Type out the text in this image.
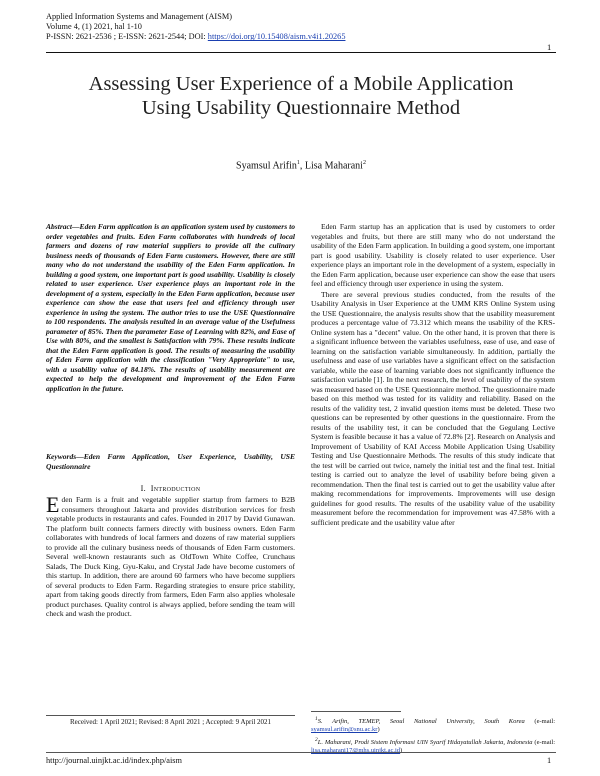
Applied Information Systems and Management (AISM)
Volume 4, (1) 2021, hal 1-10
P-ISSN: 2621-2536 ; E-ISSN: 2621-2544; DOI: https://doi.org/10.15408/aism.v4i1.20265
1
Assessing User Experience of a Mobile Application
Using Usability Questionnaire Method
Syamsul Arifin$^1$, Lisa Maharani$^2$
Abstract—Eden Farm application is an application system used by customers to order vegetables and fruits. Eden Farm collaborates with hundreds of local farmers and dozens of raw material suppliers to provide all the culinary business needs of thousands of Eden Farm customers. However, there are still many who do not understand the usability of the Eden Farm application. In building a good system, one important part is good usability. Usability is closely related to user experience. User experience plays an important role in the development of a system, especially in the Eden Farm application, because user experience can show the ease that users feel and efficiency through user experience in using the system. The author tries to use the USE Questionnaire to 100 respondents. The analysis resulted in an average value of the Usefulness parameter of 85%. Then the parameter Ease of Learning with 82%, and Ease of Use with 80%, and the smallest is Satisfaction with 79%. These results indicate that the Eden Farm application is good. The results of measuring the usability of Eden Farm application with the classification "Very Appropriate" to use, with a usability value of 84.18%. The results of usability measurement are expected to help the development and improvement of the Eden Farm application in the future.
Keywords—Eden Farm Application, User Experience, Usability, USE Questionnaire
I. Introduction
Eden Farm is a fruit and vegetable supplier startup from farmers to B2B consumers throughout Jakarta and provides distribution services for fresh vegetable products in restaurants and cafes. Founded in 2017 by David Gunawan. The platform built connects farmers directly with business owners. Eden Farm collaborates with hundreds of local farmers and dozens of raw material suppliers to provide all the culinary business needs of thousands of Eden Farm customers. Several well-known restaurants such as OldTown White Coffee, Crunchaus Salads, The Duck King, Gyu-Kaku, and Crystal Jade have become customers of this startup. In addition, there are around 60 farmers who have become suppliers of several products to Eden Farm. Regarding strategies to ensure price stability, apart from taking goods directly from farmers, Eden Farm also applies wholesale product purchases. Quality control is always applied, before sending the team will check and wash the product.

Eden Farm startup has an application that is used by customers to order vegetables and fruits, but there are still many who do not understand the usability of the Eden Farm application. In building a good system, one important part is good usability. Usability is closely related to user experience. User experience plays an important role in the development of a system, especially in the Eden Farm application, because user experience can show the ease that users feel and efficiency through user experience in using the system.

There are several previous studies conducted, from the results of the Usability Analysis in User Experience at the UMM KRS Online System using the USE Questionnaire, the analysis results show that the usability measurement produces a percentage value of 73.312 which means the usability of the KRS-Online system has a "decent" value. On the other hand, it is proven that there is a significant influence between the variables usefulness, ease of use, and ease of learning on the satisfaction variable simultaneously. In addition, partially the usefulness and ease of use variables have a significant effect on the satisfaction variable, while the ease of learning variable does not significantly influence the satisfaction variable [1]. In the next research, the level of usability of the system was measured based on the USE Questionnaire method. The questionnaire made based on this method was tested for its validity and reliability. Based on the results of the validity test, 2 invalid question items must be deleted. These two questions can be represented by other questions in the questionnaire. From the results of the usability test, it can be concluded that the Gegulang Lective System is feasible because it has a value of 72.8% [2]. Research on Analysis and Improvement of Usability of KAI Access Mobile Application Using Usability Testing and Use Questionnaire Methods. The results of this study indicate that the test will be carried out twice, namely the initial test and the final test. Initial testing is carried out to analyze the level of usability before being given a recommendation. Then the final test is carried out to get the usability value after making recommendations for improvements. Improvements will use design guidelines for good results. The results of the usability value of the usability measurement before the recommendation for improvement was 47.58% with a sufficient predicate and the usability value after

Received: 1 April 2021; Revised: 8 April 2021 ; Accepted: 9 April 2021	$^1$S. Arifin, TEMEP, Seoul National University, South Korea (e-mail: syamsul.arifin@snu.ac.kr)

$^2$L. Maharani, Prodi Sistem Informasi UIN Syarif Hidayatullah Jakarta, Indonesia (e-mail: lisa.maharani17@mhs.uinjkt.ac.id)

http://journal.uinjkt.ac.id/index.php/aism	1
